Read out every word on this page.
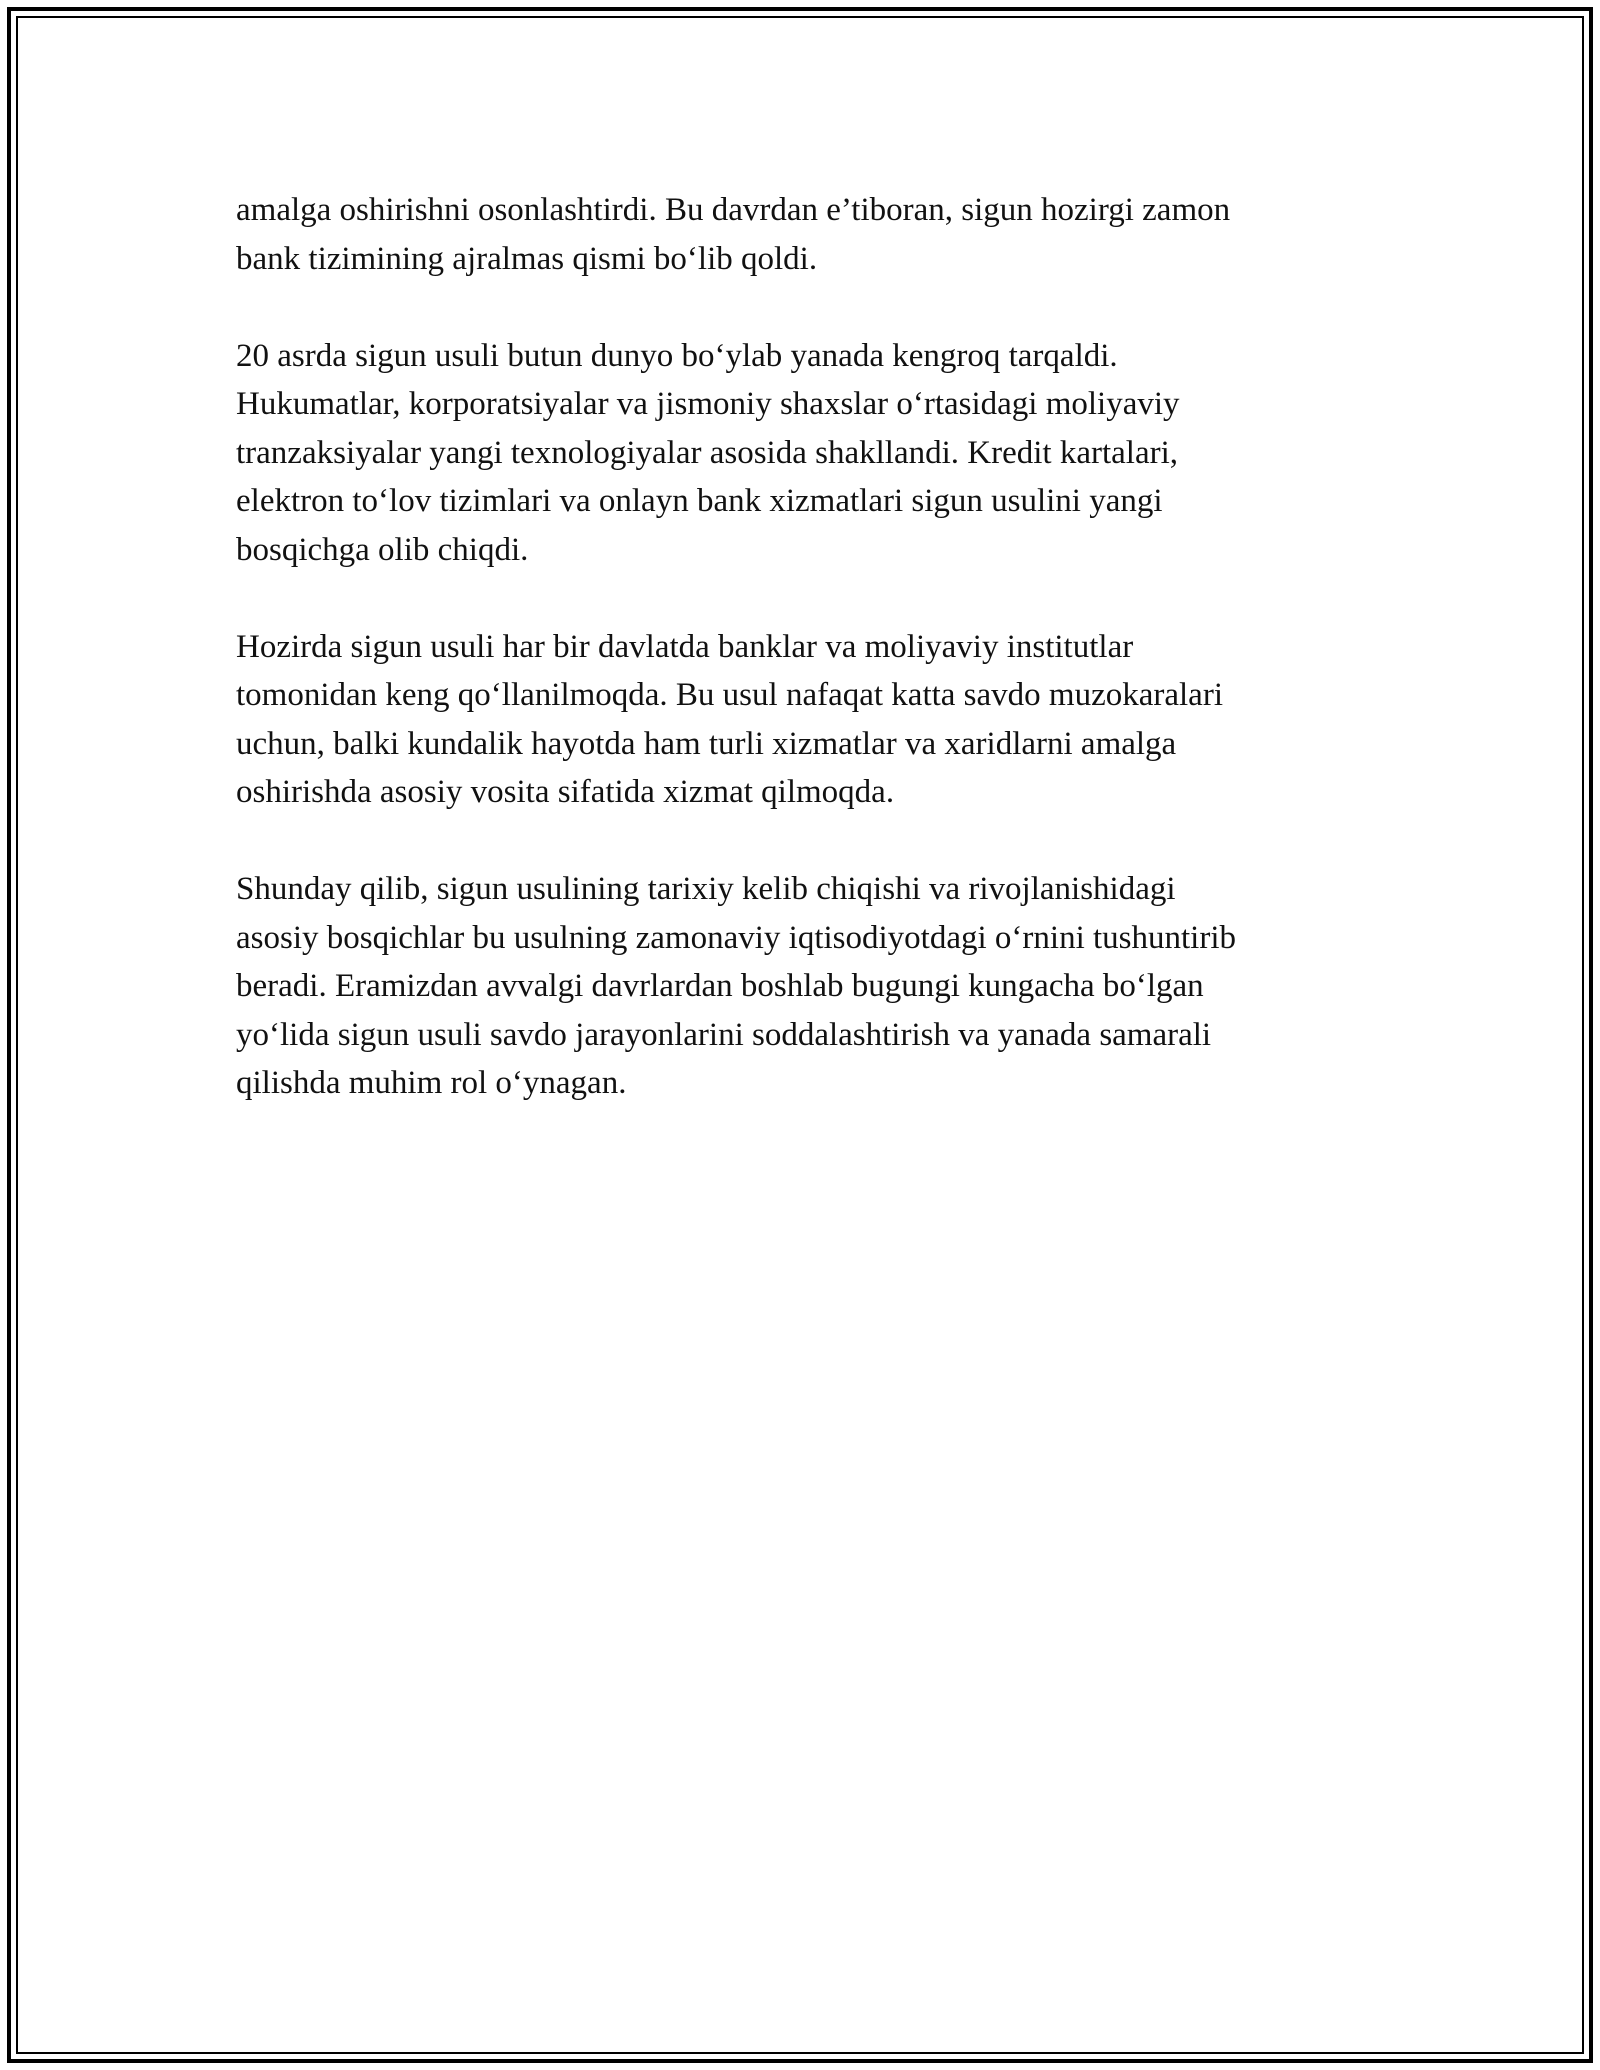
amalga oshirishni osonlashtirdi. Bu davrdan e’tiboran, sigun hozirgi zamon
bank tizimining ajralmas qismi bo‘lib qoldi.

20 asrda sigun usuli butun dunyo bo‘ylab yanada kengroq tarqaldi.
Hukumatlar, korporatsiyalar va jismoniy shaxslar o‘rtasidagi moliyaviy
tranzaksiyalar yangi texnologiyalar asosida shakllandi. Kredit kartalari,
elektron to‘lov tizimlari va onlayn bank xizmatlari sigun usulini yangi
bosqichga olib chiqdi.

Hozirda sigun usuli har bir davlatda banklar va moliyaviy institutlar
tomonidan keng qo‘llanilmoqda. Bu usul nafaqat katta savdo muzokaralari
uchun, balki kundalik hayotda ham turli xizmatlar va xaridlarni amalga
oshirishda asosiy vosita sifatida xizmat qilmoqda.

Shunday qilib, sigun usulining tarixiy kelib chiqishi va rivojlanishidagi
asosiy bosqichlar bu usulning zamonaviy iqtisodiyotdagi o‘rnini tushuntirib
beradi. Eramizdan avvalgi davrlardan boshlab bugungi kungacha bo‘lgan
yo‘lida sigun usuli savdo jarayonlarini soddalashtirish va yanada samarali
qilishda muhim rol o‘ynagan.
